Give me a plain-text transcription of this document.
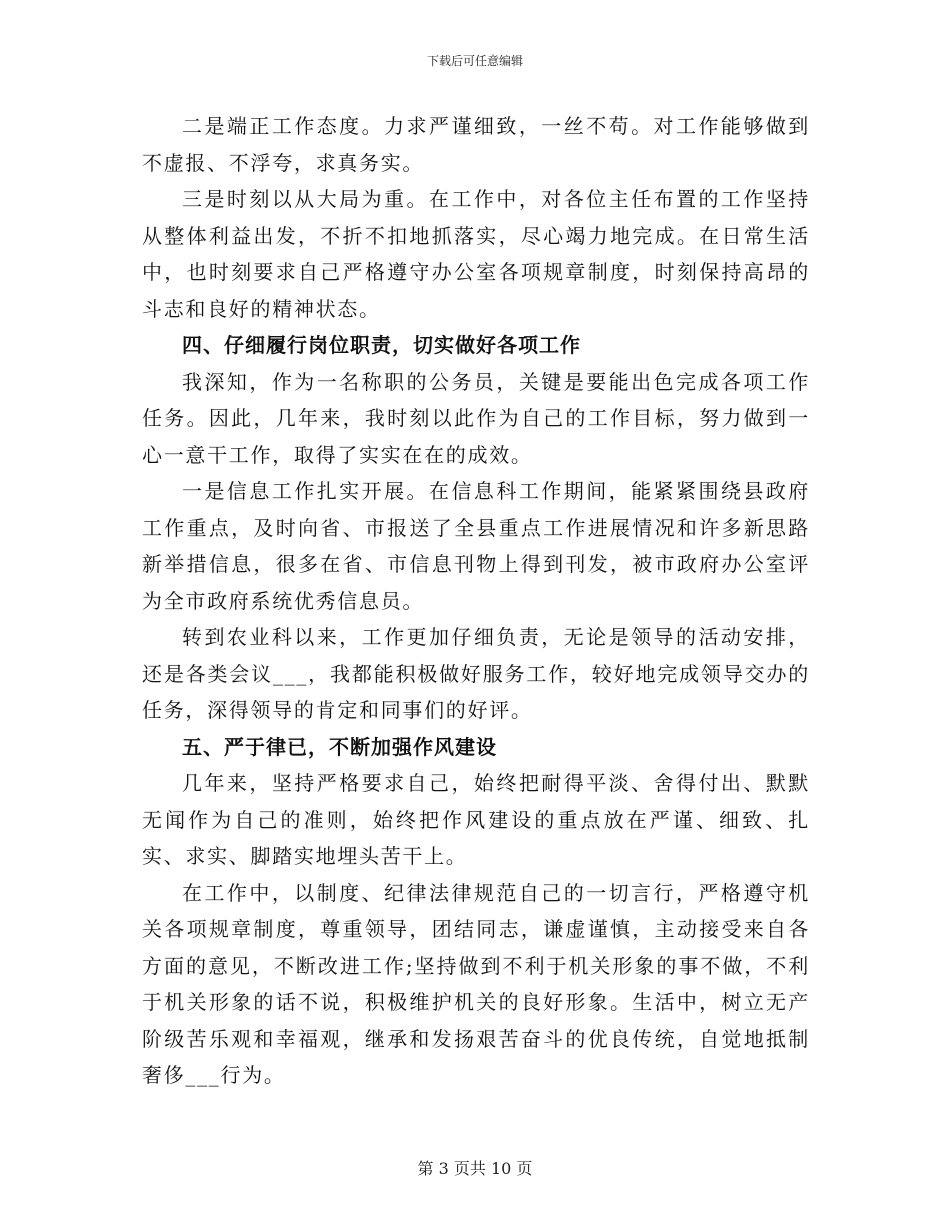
下载后可任意编辑

二是端正工作态度。力求严谨细致，一丝不苟。对工作能够做到不虚报、不浮夸，求真务实。

三是时刻以从大局为重。在工作中，对各位主任布置的工作坚持从整体利益出发，不折不扣地抓落实，尽心竭力地完成。在日常生活中，也时刻要求自己严格遵守办公室各项规章制度，时刻保持高昂的斗志和良好的精神状态。

四、仔细履行岗位职责，切实做好各项工作

我深知，作为一名称职的公务员，关键是要能出色完成各项工作任务。因此，几年来，我时刻以此作为自己的工作目标，努力做到一心一意干工作，取得了实实在在的成效。

一是信息工作扎实开展。在信息科工作期间，能紧紧围绕县政府工作重点，及时向省、市报送了全县重点工作进展情况和许多新思路新举措信息，很多在省、市信息刊物上得到刊发，被市政府办公室评为全市政府系统优秀信息员。

转到农业科以来，工作更加仔细负责，无论是领导的活动安排，还是各类会议___，我都能积极做好服务工作，较好地完成领导交办的任务，深得领导的肯定和同事们的好评。

五、严于律已，不断加强作风建设

几年来，坚持严格要求自己，始终把耐得平淡、舍得付出、默默无闻作为自己的准则，始终把作风建设的重点放在严谨、细致、扎实、求实、脚踏实地埋头苦干上。

在工作中，以制度、纪律法律规范自己的一切言行，严格遵守机关各项规章制度，尊重领导，团结同志，谦虚谨慎，主动接受来自各方面的意见，不断改进工作;坚持做到不利于机关形象的事不做，不利于机关形象的话不说，积极维护机关的良好形象。生活中，树立无产阶级苦乐观和幸福观，继承和发扬艰苦奋斗的优良传统，自觉地抵制奢侈___行为。

第 3 页共 10 页
